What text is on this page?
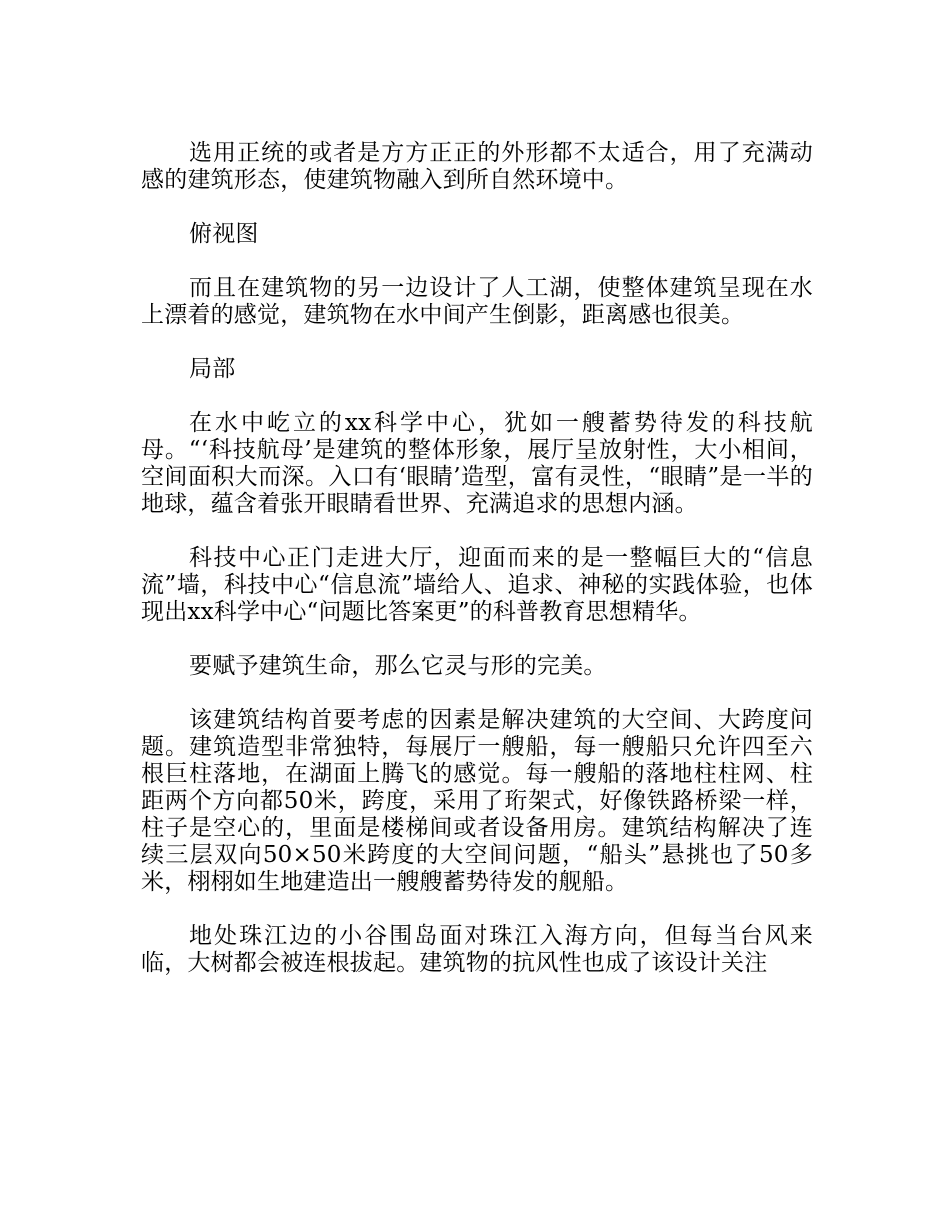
选用正统的或者是方方正正的外形都不太适合，用了充满动感的建筑形态，使建筑物融入到所自然环境中。

俯视图

而且在建筑物的另一边设计了人工湖，使整体建筑呈现在水上漂着的感觉，建筑物在水中间产生倒影，距离感也很美。

局部

在水中屹立的xx科学中心，犹如一艘蓄势待发的科技航母。“‘科技航母’是建筑的整体形象，展厅呈放射性，大小相间，空间面积大而深。入口有‘眼睛’造型，富有灵性，“眼睛”是一半的地球，蕴含着张开眼睛看世界、充满追求的思想内涵。

科技中心正门走进大厅，迎面而来的是一整幅巨大的“信息流”墙，科技中心“信息流”墙给人、追求、神秘的实践体验，也体现出xx科学中心“问题比答案更”的科普教育思想精华。

要赋予建筑生命，那么它灵与形的完美。

该建筑结构首要考虑的因素是解决建筑的大空间、大跨度问题。建筑造型非常独特，每展厅一艘船，每一艘船只允许四至六根巨柱落地，在湖面上腾飞的感觉。每一艘船的落地柱柱网、柱距两个方向都50米，跨度，采用了珩架式，好像铁路桥梁一样，柱子是空心的，里面是楼梯间或者设备用房。建筑结构解决了连续三层双向50×50米跨度的大空间问题，“船头”悬挑也了50多米，栩栩如生地建造出一艘艘蓄势待发的舰船。

地处珠江边的小谷围岛面对珠江入海方向，但每当台风来临，大树都会被连根拔起。建筑物的抗风性也成了该设计关注
